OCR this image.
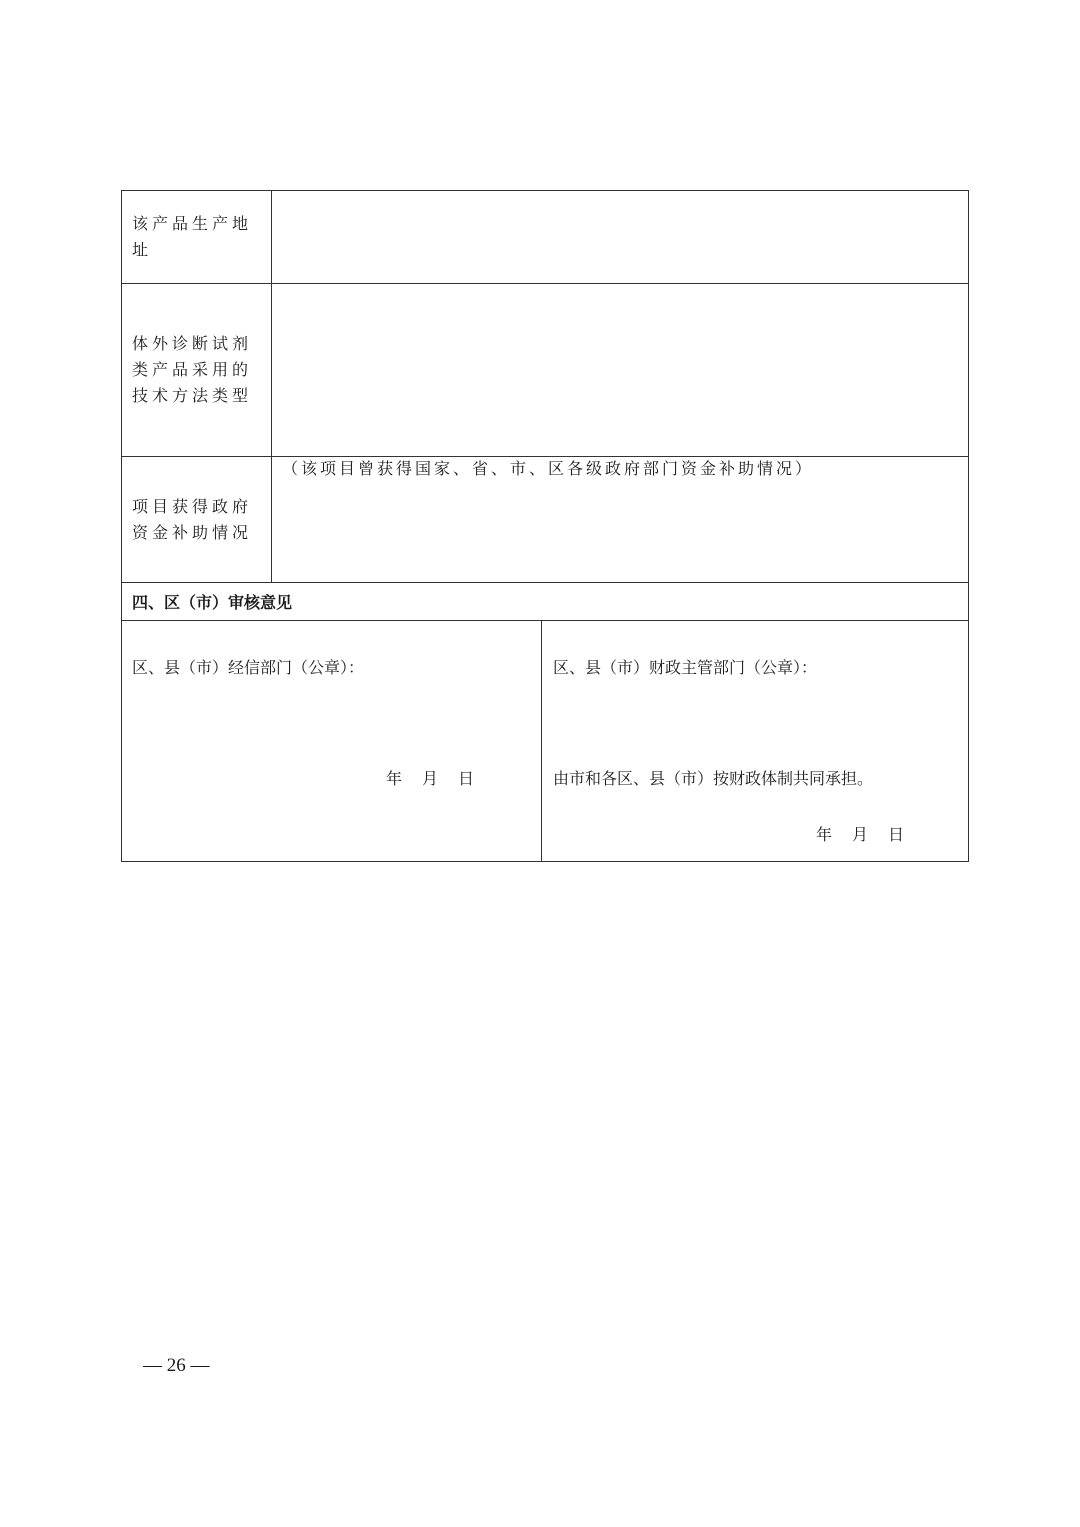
该产品生产地址
体外诊断试剂类产品采用的技术方法类型
项目获得政府资金补助情况
（该项目曾获得国家、省、市、区各级政府部门资金补助情况）
四、区（市）审核意见
区、县（市）经信部门（公章）：
年 月 日
区、县（市）财政主管部门（公章）：
由市和各区、县（市）按财政体制共同承担。
年 月 日
— 26 —
